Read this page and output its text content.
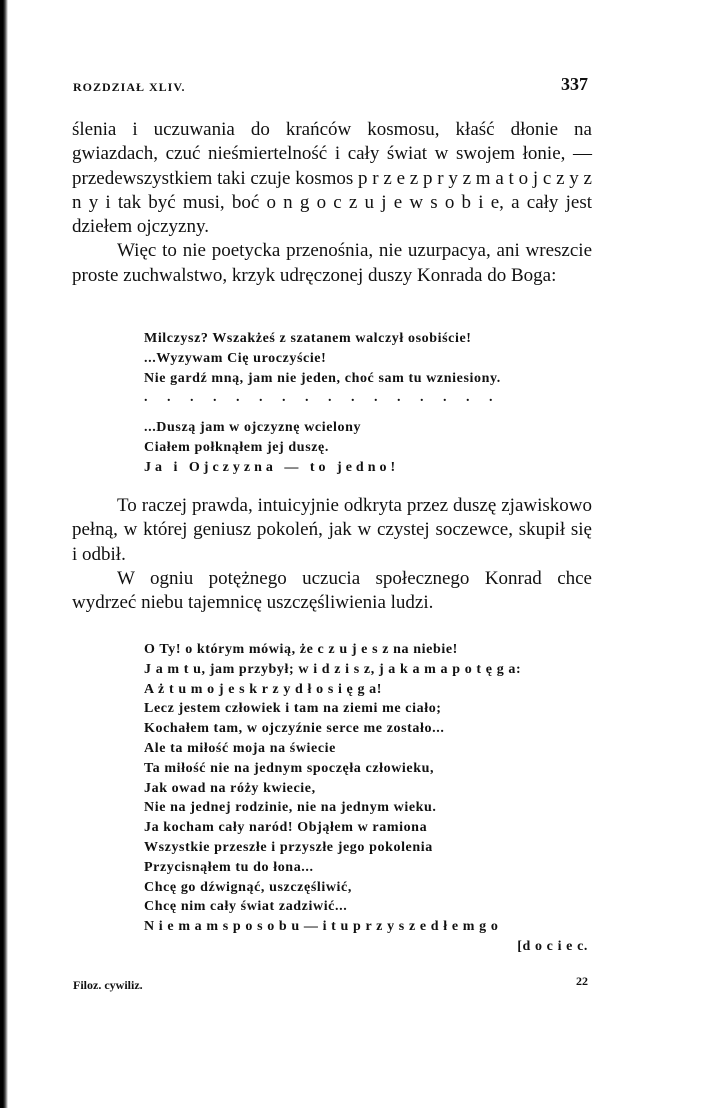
ROZDZIAŁ XLIV.	337

ślenia i uczuwania do krańców kosmosu, kłaść dłonie na gwiazdach, czuć nieśmiertelność i cały świat w swojem łonie, — przedewszystkiem taki czuje kosmos p r z e z p r y z m a t o j c z y z n y i tak być musi, boć o n g o c z u j e w s o b i e, a cały jest dziełem ojczyzny.

Więc to nie poetycka przenośnia, nie uzurpacya, ani wreszcie proste zuchwalstwo, krzyk udręczonej duszy Konrada do Boga:

Milczysz? Wszakżeś z szatanem walczył osobiście!
...Wyzywam Cię uroczyście!
Nie gardź mną, jam nie jeden, choć sam tu wzniesiony.
. . . . . . . . . . . . . . . .
...Duszą jam w ojczyznę wcielony
Ciałem połknąłem jej duszę.
Ja i Ojczyzna — to jedno!

To raczej prawda, intuicyjnie odkryta przez duszę zjawiskowo pełną, w której geniusz pokoleń, jak w czystej soczewce, skupił się i odbił.

W ogniu potężnego uczucia społecznego Konrad chce wydrzeć niebu tajemnicę uszczęśliwienia ludzi.

O Ty! o którym mówią, że c z u j e s z na niebie!
J a m t u, jam przybył; w i d z i s z, j a k a m a p o t ę g a:
A ż t u m o j e s k r z y d ł o s i ę g a!
Lecz jestem człowiek i tam na ziemi me ciało;
Kochałem tam, w ojczyźnie serce me zostało...
Ale ta miłość moja na świecie
Ta miłość nie na jednym spoczęła człowieku,
Jak owad na róży kwiecie,
Nie na jednej rodzinie, nie na jednym wieku.
Ja kocham cały naród! Objąłem w ramiona
Wszystkie przeszłe i przyszłe jego pokolenia
Przycisnąłem tu do łona...
Chcę go dźwignąć, uszczęśliwić,
Chcę nim cały świat zadziwić...
N i e m a m s p o s o b u — i t u p r z y s z e d ł e m g o
[d o c i e c.
Filoz. cywiliz.	22
